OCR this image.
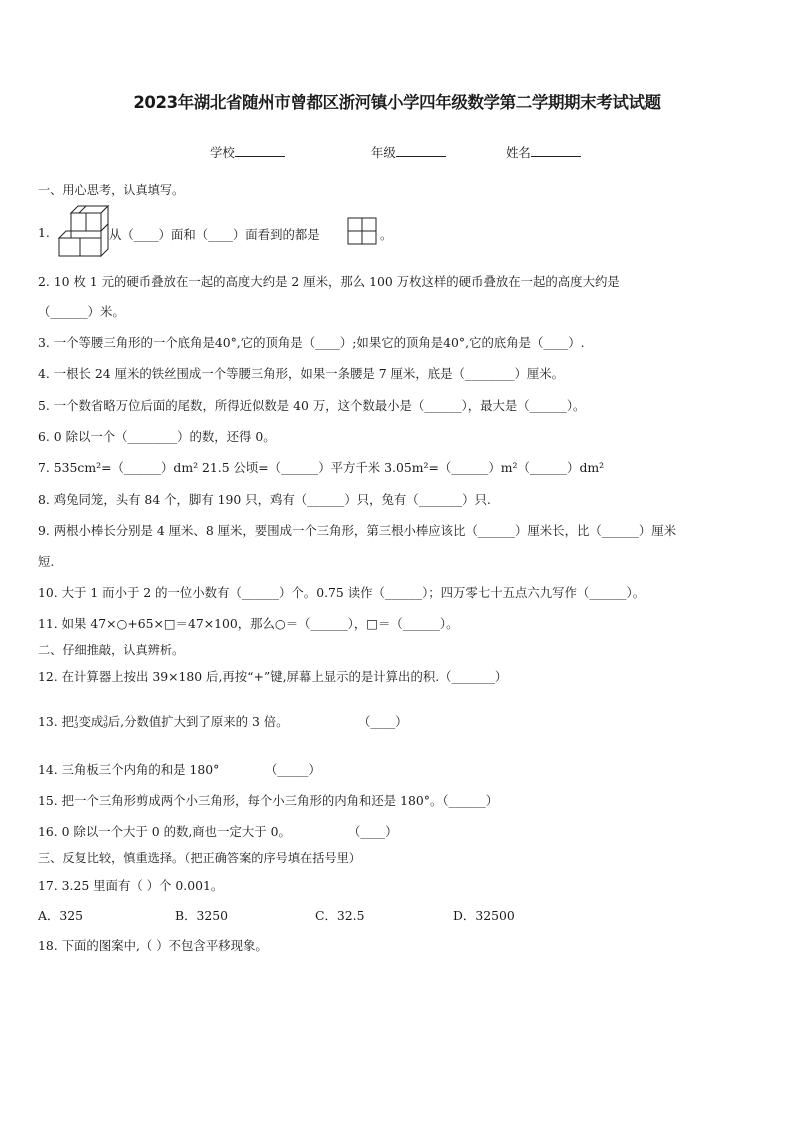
2023年湖北省随州市曾都区浙河镇小学四年级数学第二学期期末考试试题
学校	年级	姓名
一、用心思考，认真填写。
1.	从（____）面和（____）面看到的都是	。
2. 10 枚 1 元的硬币叠放在一起的高度大约是 2 厘米，那么 100 万枚这样的硬币叠放在一起的高度大约是
（______）米。
3. 一个等腰三角形的一个底角是40°,它的顶角是（____）;如果它的顶角是40°,它的底角是（____）.
4. 一根长 24 厘米的铁丝围成一个等腰三角形，如果一条腰是 7 厘米，底是（________）厘米。
5. 一个数省略万位后面的尾数，所得近似数是 40 万，这个数最小是（______），最大是（______）。
6. 0 除以一个（________）的数，还得 0。
7. 535cm²=（______）dm² 21.5 公顷=（______）平方千米 3.05m²=（______）m²（______）dm²
8. 鸡兔同笼，头有 84 个，脚有 190 只，鸡有（______）只，兔有（_______）只.
9. 两根小棒长分别是 4 厘米、8 厘米，要围成一个三角形，第三根小棒应该比（______）厘米长，比（______）厘米
短.
10. 大于 1 而小于 2 的一位小数有（______）个。0.75 读作（______）；四万零七十五点六九写作（______）。
11. 如果 47×○+65×□＝47×100，那么○＝（______），□＝（______）。
二、仔细推敲，认真辨析。
12. 在计算器上按出 39×180 后,再按“+”键,屏幕上显示的是计算出的积.（_______）
13. 把 1
3 变成 3
9 后,分数值扩大到了原来的 3 倍。	（____）
14. 三角板三个内角的和是 180°	（_____）
15. 把一个三角形剪成两个小三角形，每个小三角形的内角和还是 180°。（______）
16. 0 除以一个大于 0 的数,商也一定大于 0。	（____）
三、反复比较，慎重选择。（把正确答案的序号填在括号里）
17. 3.25 里面有（ ）个 0.001。
A．325	B．3250	C．32.5	D．32500
18. 下面的图案中,（ ）不包含平移现象。
